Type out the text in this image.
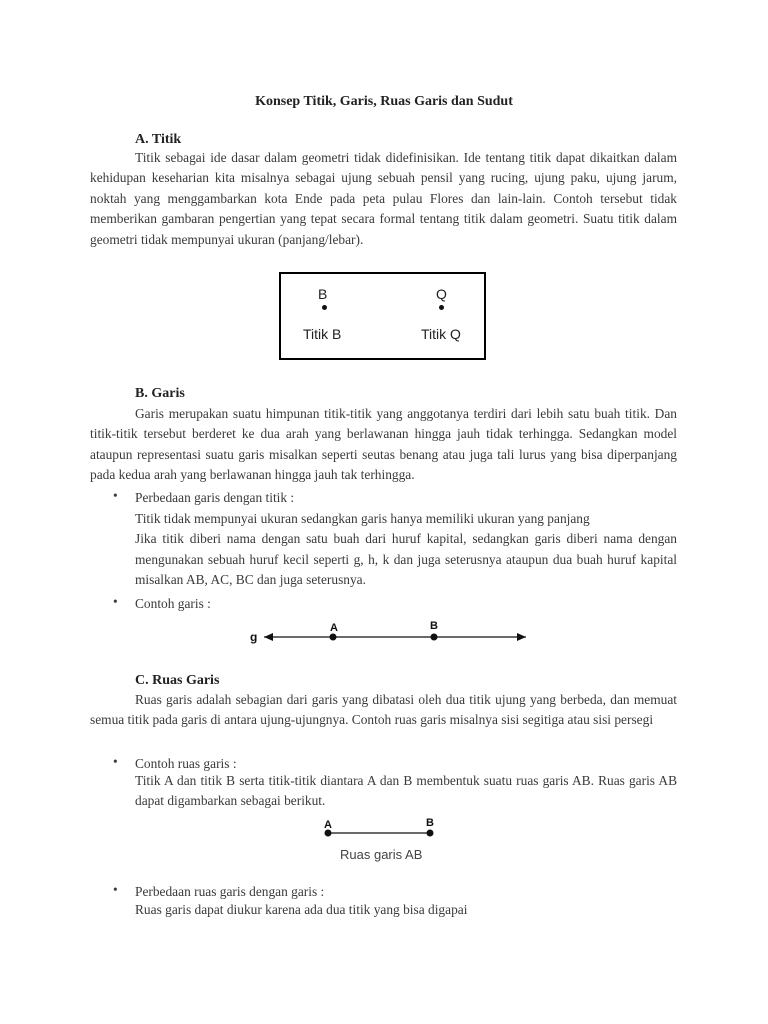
Konsep Titik, Garis, Ruas Garis dan Sudut
A. Titik

Titik sebagai ide dasar dalam geometri tidak didefinisikan. Ide tentang titik dapat dikaitkan dalam kehidupan keseharian kita misalnya sebagai ujung sebuah pensil yang rucing, ujung paku, ujung jarum, noktah yang menggambarkan kota Ende pada peta pulau Flores dan lain-lain. Contoh tersebut tidak memberikan gambaran pengertian yang tepat secara formal tentang titik dalam geometri. Suatu titik dalam geometri tidak mempunyai ukuran (panjang/lebar).

B
Titik B
Q
Titik Q
B. Garis

Garis merupakan suatu himpunan titik-titik yang anggotanya terdiri dari lebih satu buah titik. Dan titik-titik tersebut berderet ke dua arah yang berlawanan hingga jauh tidak terhingga. Sedangkan model ataupun representasi suatu garis misalkan seperti seutas benang atau juga tali lurus yang bisa diperpanjang pada kedua arah yang berlawanan hingga jauh tak terhingga.

• Perbedaan garis dengan titik :

Titik tidak mempunyai ukuran sedangkan garis hanya memiliki ukuran yang panjang

Jika titik diberi nama dengan satu buah dari huruf kapital, sedangkan garis diberi nama dengan mengunakan sebuah huruf kecil seperti g, h, k dan juga seterusnya ataupun dua buah huruf kapital misalkan AB, AC, BC dan juga seterusnya.

• Contoh garis :
g
A	B
C. Ruas Garis

Ruas garis adalah sebagian dari garis yang dibatasi oleh dua titik ujung yang berbeda, dan memuat semua titik pada garis di antara ujung-ujungnya. Contoh ruas garis misalnya sisi segitiga atau sisi persegi

• Contoh ruas garis :

Titik A dan titik B serta titik-titik diantara A dan B membentuk suatu ruas garis AB. Ruas garis AB dapat digambarkan sebagai berikut.

A	B
Ruas garis AB
• Perbedaan ruas garis dengan garis :

Ruas garis dapat diukur karena ada dua titik yang bisa digapai
